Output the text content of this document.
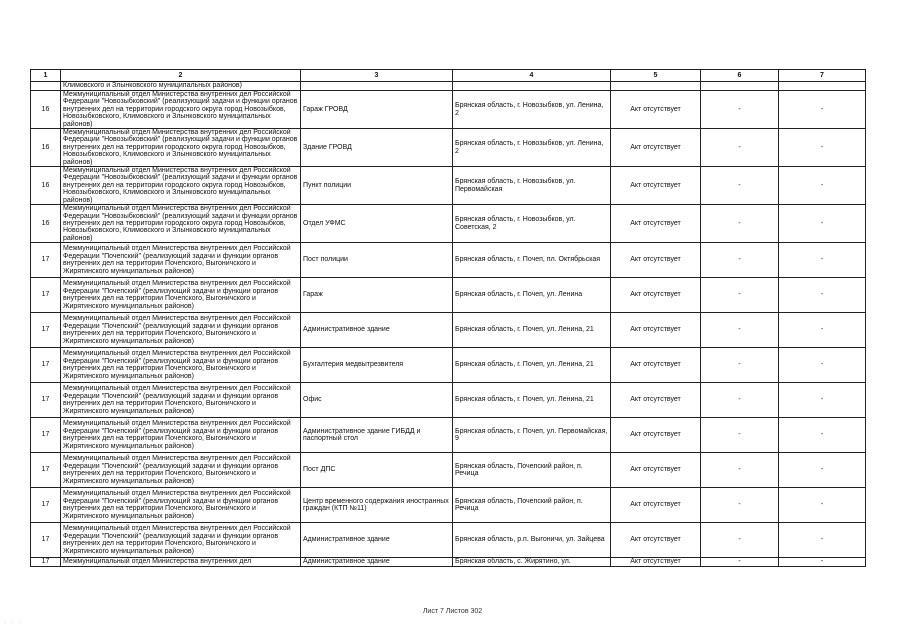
1	2	3	4	5	6	7
	Климовского и Злынковского муниципальных районов)					
16	Межмуниципальный отдел Министерства внутренних дел Российской Федерации "Новозыбковский" (реализующий задачи и функции органов внутренних дел на территории городского округа город Новозыбков, Новозыбковского, Климовского и Злынковского муниципальных районов)	Гараж ГРОВД	Брянская область, г. Новозыбков, ул. Ленина, 2	Акт отсутствует	-	-
16	Межмуниципальный отдел Министерства внутренних дел Российской Федерации "Новозыбковский" (реализующий задачи и функции органов внутренних дел на территории городского округа город Новозыбков, Новозыбковского, Климовского и Злынковского муниципальных районов)	Здание ГРОВД	Брянская область, г. Новозыбков, ул. Ленина, 2	Акт отсутствует	-	-
16	Межмуниципальный отдел Министерства внутренних дел Российской Федерации "Новозыбковский" (реализующий задачи и функции органов внутренних дел на территории городского округа город Новозыбков, Новозыбковского, Климовского и Злынковского муниципальных районов)	Пункт полиции	Брянская область, г. Новозыбков, ул. Первомайская	Акт отсутствует	-	-
16	Межмуниципальный отдел Министерства внутренних дел Российской Федерации "Новозыбковский" (реализующий задачи и функции органов внутренних дел на территории городского округа город Новозыбков, Новозыбковского, Климовского и Злынковского муниципальных районов)	Отдел УФМС	Брянская область, г. Новозыбков, ул. Советская, 2	Акт отсутствует	-	-
17	Межмуниципальный отдел Министерства внутренних дел Российской Федерации "Почепский" (реализующий задачи и функции органов внутренних дел на территории Почепского, Выгоничского и Жирятинского муниципальных районов)	Пост полиции	Брянская область, г. Почеп, пл. Октябрьская	Акт отсутствует	-	-
17	Межмуниципальный отдел Министерства внутренних дел Российской Федерации "Почепский" (реализующий задачи и функции органов внутренних дел на территории Почепского, Выгоничского и Жирятинского муниципальных районов)	Гараж	Брянская область, г. Почеп, ул. Ленина	Акт отсутствует	-	-
17	Межмуниципальный отдел Министерства внутренних дел Российской Федерации "Почепский" (реализующий задачи и функции органов внутренних дел на территории Почепского, Выгоничского и Жирятинского муниципальных районов)	Административное здание	Брянская область, г. Почеп, ул. Ленина, 21	Акт отсутствует	-	-
17	Межмуниципальный отдел Министерства внутренних дел Российской Федерации "Почепский" (реализующий задачи и функции органов внутренних дел на территории Почепского, Выгоничского и Жирятинского муниципальных районов)	Бухгалтерия медвытрезвителя	Брянская область, г. Почеп, ул. Ленина, 21	Акт отсутствует	-	-
17	Межмуниципальный отдел Министерства внутренних дел Российской Федерации "Почепский" (реализующий задачи и функции органов внутренних дел на территории Почепского, Выгоничского и Жирятинского муниципальных районов)	Офис	Брянская область, г. Почеп, ул. Ленина, 21	Акт отсутствует	-	-
17	Межмуниципальный отдел Министерства внутренних дел Российской Федерации "Почепский" (реализующий задачи и функции органов внутренних дел на территории Почепского, Выгоничского и Жирятинского муниципальных районов)	Административное здание ГИБДД и паспортный стол	Брянская область, г. Почеп, ул. Первомайская, 9	Акт отсутствует	-	-
17	Межмуниципальный отдел Министерства внутренних дел Российской Федерации "Почепский" (реализующий задачи и функции органов внутренних дел на территории Почепского, Выгоничского и Жирятинского муниципальных районов)	Пост ДПС	Брянская область, Почепский район, п. Речица	Акт отсутствует	-	-
17	Межмуниципальный отдел Министерства внутренних дел Российской Федерации "Почепский" (реализующий задачи и функции органов внутренних дел на территории Почепского, Выгоничского и Жирятинского муниципальных районов)	Центр временного содержания иностранных граждан (КТП №11)	Брянская область, Почепский район, п. Речица	Акт отсутствует	-	-
17	Межмуниципальный отдел Министерства внутренних дел Российской Федерации "Почепский" (реализующий задачи и функции органов внутренних дел на территории Почепского, Выгоничского и Жирятинского муниципальных районов)	Административное здание	Брянская область, р.п. Выгоничи, ул. Зайцева	Акт отсутствует	-	-
17	Межмуниципальный отдел Министерства внутренних дел	Административное здание	Брянская область, с. Жирятино, ул.	Акт отсутствует	-	-
Лист 7 Листов 302
· · ·
